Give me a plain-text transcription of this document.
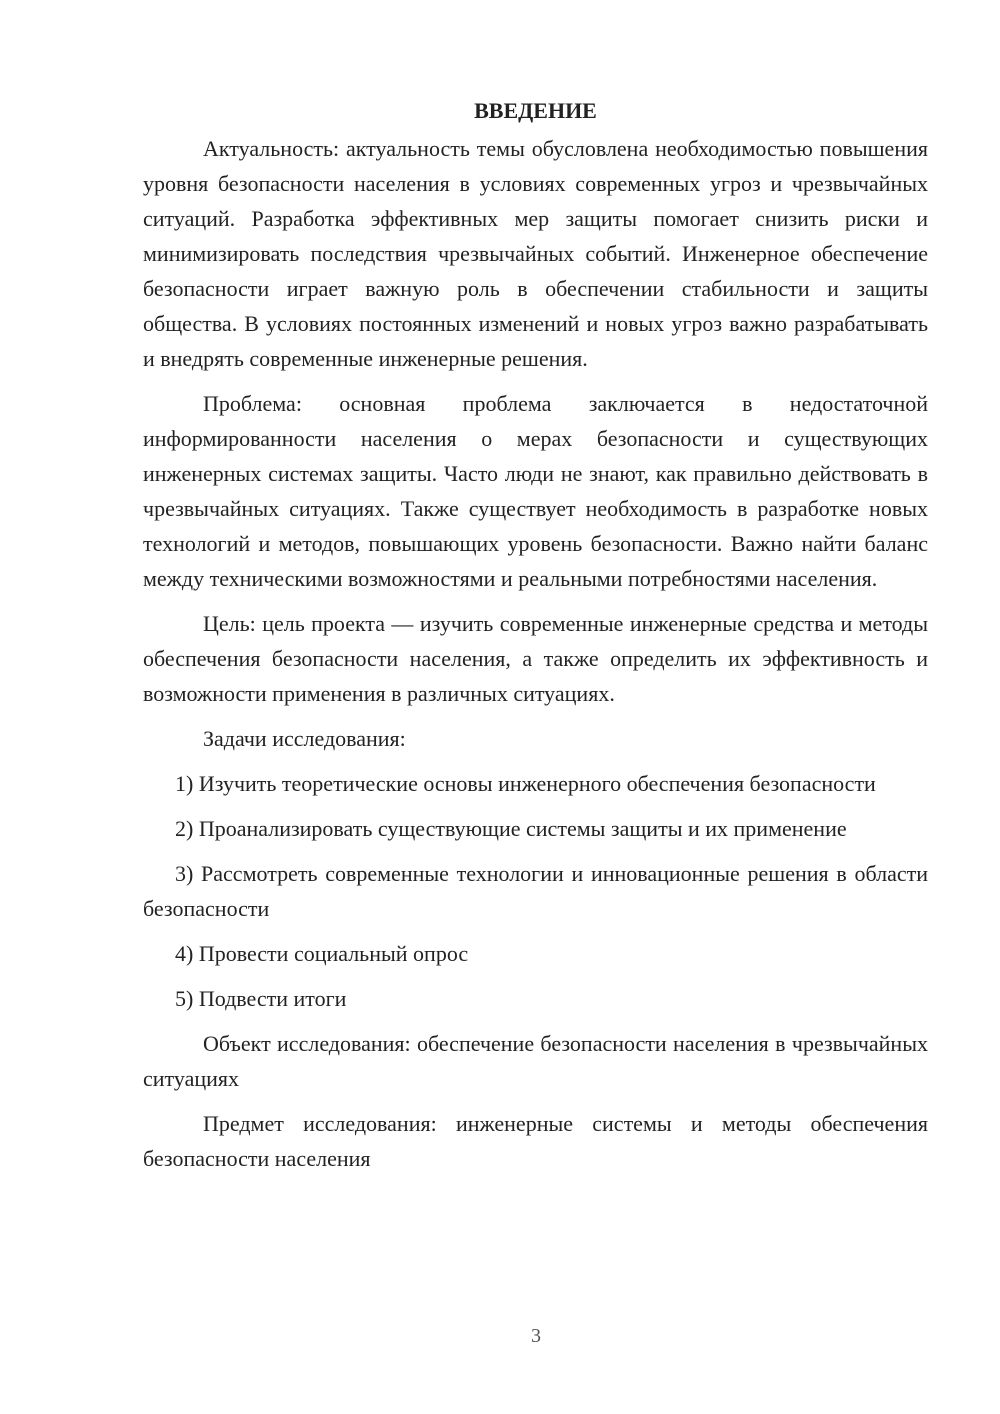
ВВЕДЕНИЕ

Актуальность: актуальность темы обусловлена необходимостью повышения уровня безопасности населения в условиях современных угроз и чрезвычайных ситуаций. Разработка эффективных мер защиты помогает снизить риски и минимизировать последствия чрезвычайных событий. Инженерное обеспечение безопасности играет важную роль в обеспечении стабильности и защиты общества. В условиях постоянных изменений и новых угроз важно разрабатывать и внедрять современные инженерные решения.

Проблема: основная проблема заключается в недостаточной информированности населения о мерах безопасности и существующих инженерных системах защиты. Часто люди не знают, как правильно действовать в чрезвычайных ситуациях. Также существует необходимость в разработке новых технологий и методов, повышающих уровень безопасности. Важно найти баланс между техническими возможностями и реальными потребностями населения.

Цель: цель проекта — изучить современные инженерные средства и методы обеспечения безопасности населения, а также определить их эффективность и возможности применения в различных ситуациях.

Задачи исследования:

1) Изучить теоретические основы инженерного обеспечения безопасности

2) Проанализировать существующие системы защиты и их применение

3) Рассмотреть современные технологии и инновационные решения в области безопасности

4) Провести социальный опрос

5) Подвести итоги

Объект исследования: обеспечение безопасности населения в чрезвычайных ситуациях

Предмет исследования: инженерные системы и методы обеспечения безопасности населения

3
